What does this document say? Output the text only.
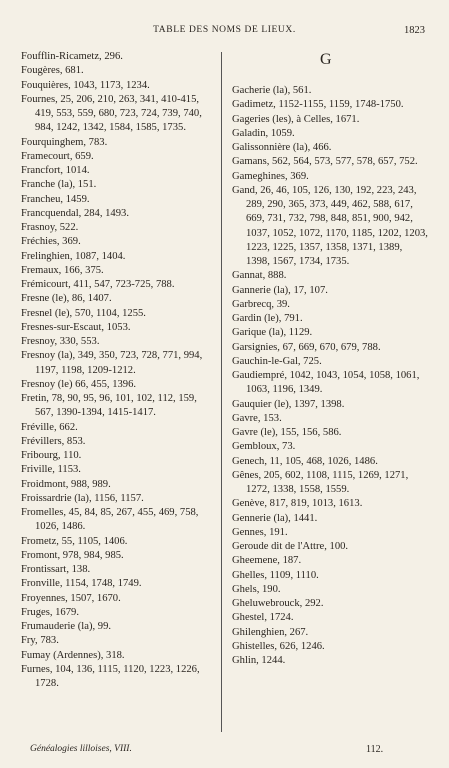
TABLE DES NOMS DE LIEUX.	1823
Foufflin-Ricametz, 296.
Fougères, 681.
Fouquières, 1043, 1173, 1234.
Fournes, 25, 206, 210, 263, 341, 410-415, 419, 553, 559, 680, 723, 724, 739, 740, 984, 1242, 1342, 1584, 1585, 1735.
Fourquinghem, 783.
Framecourt, 659.
Francfort, 1014.
Franche (la), 151.
Francheu, 1459.
Francquendal, 284, 1493.
Frasnoy, 522.
Fréchies, 369.
Frelinghien, 1087, 1404.
Fremaux, 166, 375.
Frémicourt, 411, 547, 723-725, 788.
Fresne (le), 86, 1407.
Fresnel (le), 570, 1104, 1255.
Fresnes-sur-Escaut, 1053.
Fresnoy, 330, 553.
Fresnoy (la), 349, 350, 723, 728, 771, 994, 1197, 1198, 1209-1212.
Fresnoy (le) 66, 455, 1396.
Fretin, 78, 90, 95, 96, 101, 102, 112, 159, 567, 1390-1394, 1415-1417.
Fréville, 662.
Frévillers, 853.
Fribourg, 110.
Friville, 1153.
Froidmont, 988, 989.
Froissardrie (la), 1156, 1157.
Fromelles, 45, 84, 85, 267, 455, 469, 758, 1026, 1486.
Frometz, 55, 1105, 1406.
Fromont, 978, 984, 985.
Frontissart, 138.
Fronville, 1154, 1748, 1749.
Froyennes, 1507, 1670.
Fruges, 1679.
Frumauderie (la), 99.
Fry, 783.
Fumay (Ardennes), 318.
Furnes, 104, 136, 1115, 1120, 1223, 1226, 1728.
G
Gacherie (la), 561.
Gadimetz, 1152-1155, 1159, 1748-1750.
Gageries (les), à Celles, 1671.
Galadin, 1059.
Galissonnière (la), 466.
Gamans, 562, 564, 573, 577, 578, 657, 752.
Gameghines, 369.
Gand, 26, 46, 105, 126, 130, 192, 223, 243, 289, 290, 365, 373, 449, 462, 588, 617, 669, 731, 732, 798, 848, 851, 900, 942, 1037, 1052, 1072, 1170, 1185, 1202, 1203, 1223, 1225, 1357, 1358, 1371, 1389, 1398, 1567, 1734, 1735.
Gannat, 888.
Gannerie (la), 17, 107.
Garbrecq, 39.
Gardin (le), 791.
Garique (la), 1129.
Garsignies, 67, 669, 670, 679, 788.
Gauchin-le-Gal, 725.
Gaudiempré, 1042, 1043, 1054, 1058, 1061, 1063, 1196, 1349.
Gauquier (le), 1397, 1398.
Gavre, 153.
Gavre (le), 155, 156, 586.
Gembloux, 73.
Genech, 11, 105, 468, 1026, 1486.
Gênes, 205, 602, 1108, 1115, 1269, 1271, 1272, 1338, 1558, 1559.
Genève, 817, 819, 1013, 1613.
Gennerie (la), 1441.
Gennes, 191.
Geroude dit de l'Attre, 100.
Gheemene, 187.
Ghelles, 1109, 1110.
Ghels, 190.
Gheluwebrouck, 292.
Ghestel, 1724.
Ghilenghien, 267.
Ghistelles, 626, 1246.
Ghlin, 1244.
Généalogies lilloises, VIII.	112.
